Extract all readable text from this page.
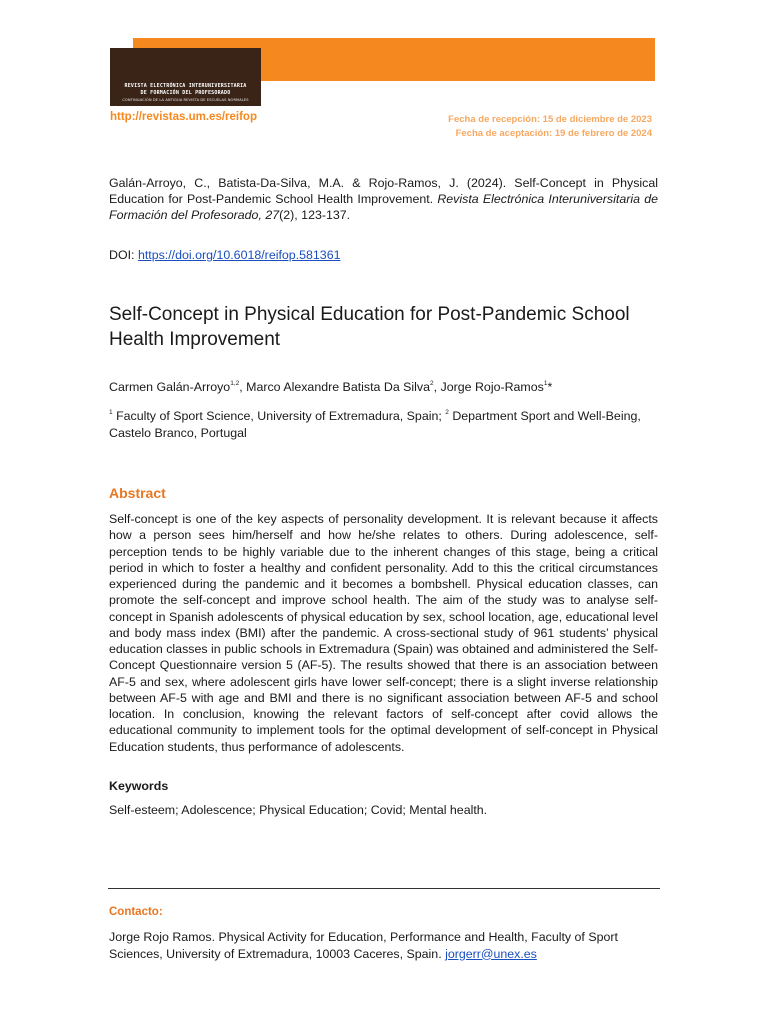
REVISTA ELECTRÓNICA INTERUNIVERSITARIA
DE FORMACIÓN DEL PROFESORADO
CONTINUACIÓN DE LA ANTIGUA REVISTA DE ESCUELAS NORMALES
http://revistas.um.es/reifop	Fecha de recepción: 15 de diciembre de 2023
Fecha de aceptación: 19 de febrero de 2024
Galán-Arroyo, C., Batista-Da-Silva, M.A. & Rojo-Ramos, J. (2024). Self-Concept in Physical Education for Post-Pandemic School Health Improvement. Revista Electrónica Interuniversitaria de Formación del Profesorado, 27(2), 123-137.
DOI: https://doi.org/10.6018/reifop.581361
Self-Concept in Physical Education for Post-Pandemic School Health Improvement
Carmen Galán-Arroyo$^{1,2}$, Marco Alexandre Batista Da Silva$^2$, Jorge Rojo-Ramos$^1$*
$^1$ Faculty of Sport Science, University of Extremadura, Spain; $^2$ Department Sport and Well-Being, Castelo Branco, Portugal
Abstract
Self-concept is one of the key aspects of personality development. It is relevant because it affects how a person sees him/herself and how he/she relates to others. During adolescence, self-perception tends to be highly variable due to the inherent changes of this stage, being a critical period in which to foster a healthy and confident personality. Add to this the critical circumstances experienced during the pandemic and it becomes a bombshell. Physical education classes, can promote the self-concept and improve school health. The aim of the study was to analyse self-concept in Spanish adolescents of physical education by sex, school location, age, educational level and body mass index (BMI) after the pandemic. A cross-sectional study of 961 students’ physical education classes in public schools in Extremadura (Spain) was obtained and administered the Self-Concept Questionnaire version 5 (AF-5). The results showed that there is an association between AF-5 and sex, where adolescent girls have lower self-concept; there is a slight inverse relationship between AF-5 with age and BMI and there is no significant association between AF-5 and school location. In conclusion, knowing the relevant factors of self-concept after covid allows the educational community to implement tools for the optimal development of self-concept in Physical Education students, thus performance of adolescents.
Keywords
Self-esteem; Adolescence; Physical Education; Covid; Mental health.
Contacto:
Jorge Rojo Ramos. Physical Activity for Education, Performance and Health, Faculty of Sport Sciences, University of Extremadura, 10003 Caceres, Spain. jorgerr@unex.es
